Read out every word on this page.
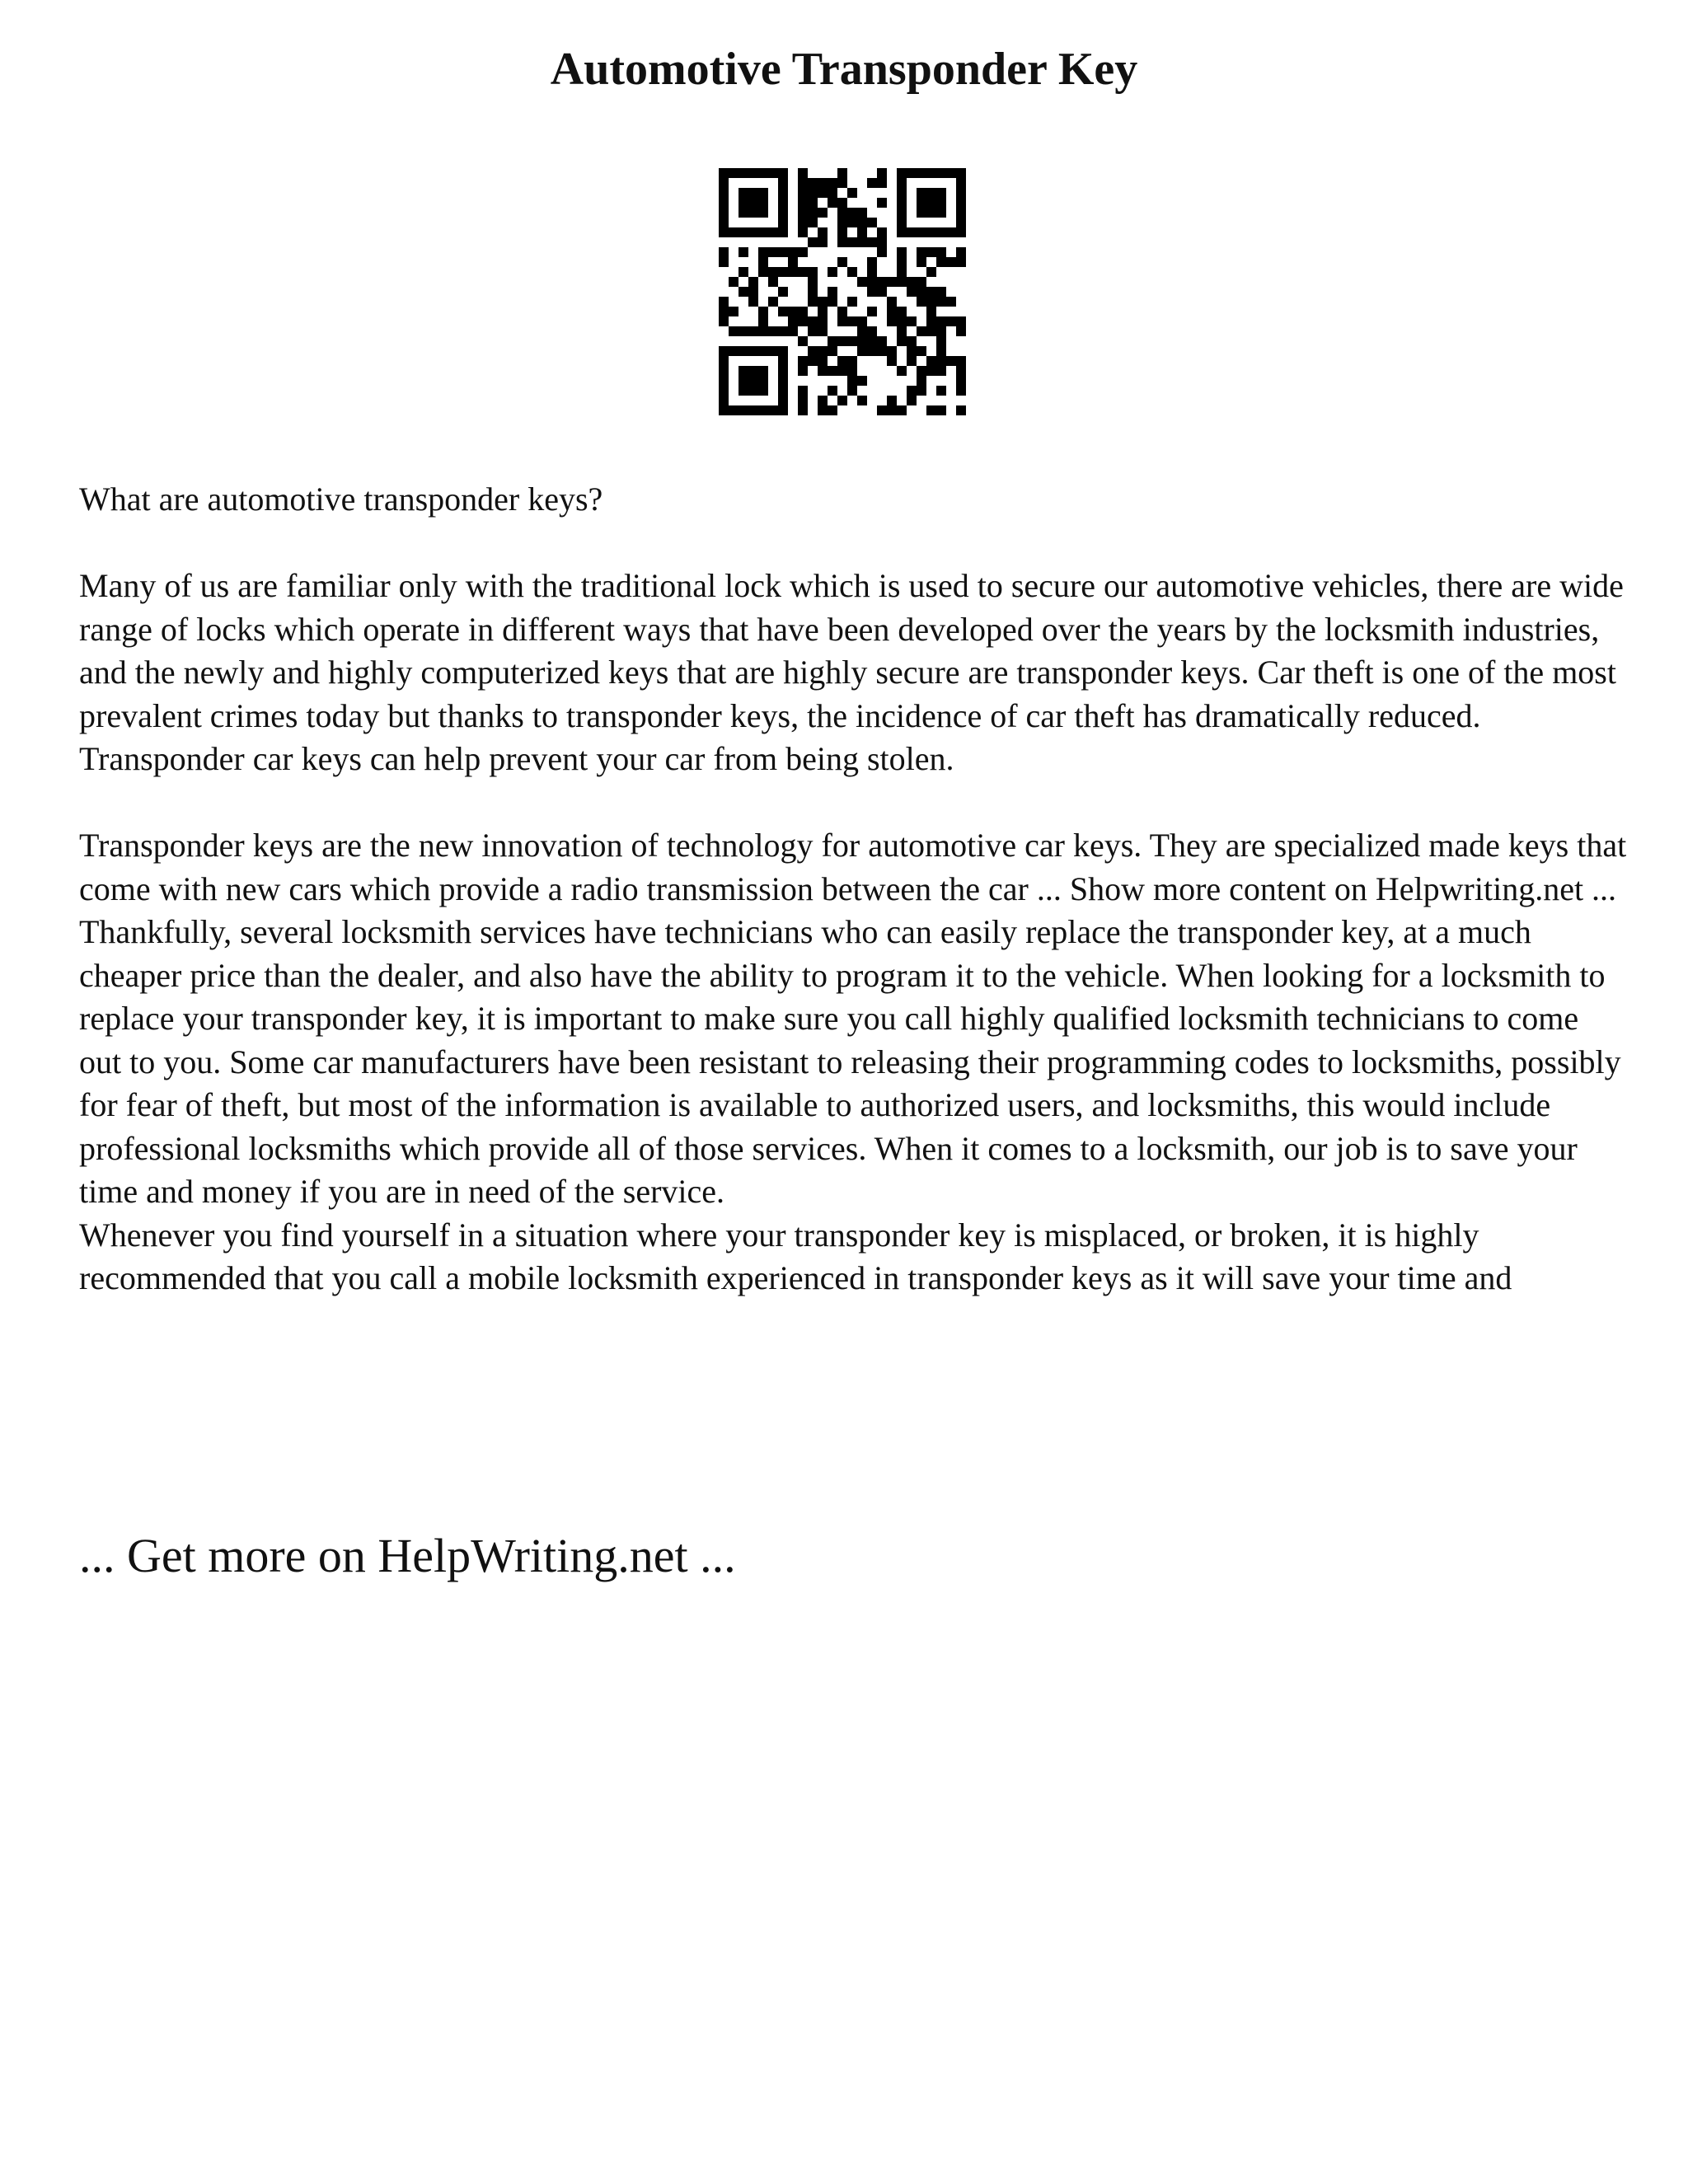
Automotive Transponder Key

What are automotive transponder keys?

Many of us are familiar only with the traditional lock which is used to secure our automotive vehicles, there are wide range of locks which operate in different ways that have been developed over the years by the locksmith industries, and the newly and highly computerized keys that are highly secure are transponder keys. Car theft is one of the most prevalent crimes today but thanks to transponder keys, the incidence of car theft has dramatically reduced. Transponder car keys can help prevent your car from being stolen.

Transponder keys are the new innovation of technology for automotive car keys. They are specialized made keys that come with new cars which provide a radio transmission between the car ... Show more content on Helpwriting.net ...

Thankfully, several locksmith services have technicians who can easily replace the transponder key, at a much cheaper price than the dealer, and also have the ability to program it to the vehicle. When looking for a locksmith to replace your transponder key, it is important to make sure you call highly qualified locksmith technicians to come out to you. Some car manufacturers have been resistant to releasing their programming codes to locksmiths, possibly for fear of theft, but most of the information is available to authorized users, and locksmiths, this would include professional locksmiths which provide all of those services. When it comes to a locksmith, our job is to save your time and money if you are in need of the service.

Whenever you find yourself in a situation where your transponder key is misplaced, or broken, it is highly recommended that you call a mobile locksmith experienced in transponder keys as it will save your time and

... Get more on HelpWriting.net ...
